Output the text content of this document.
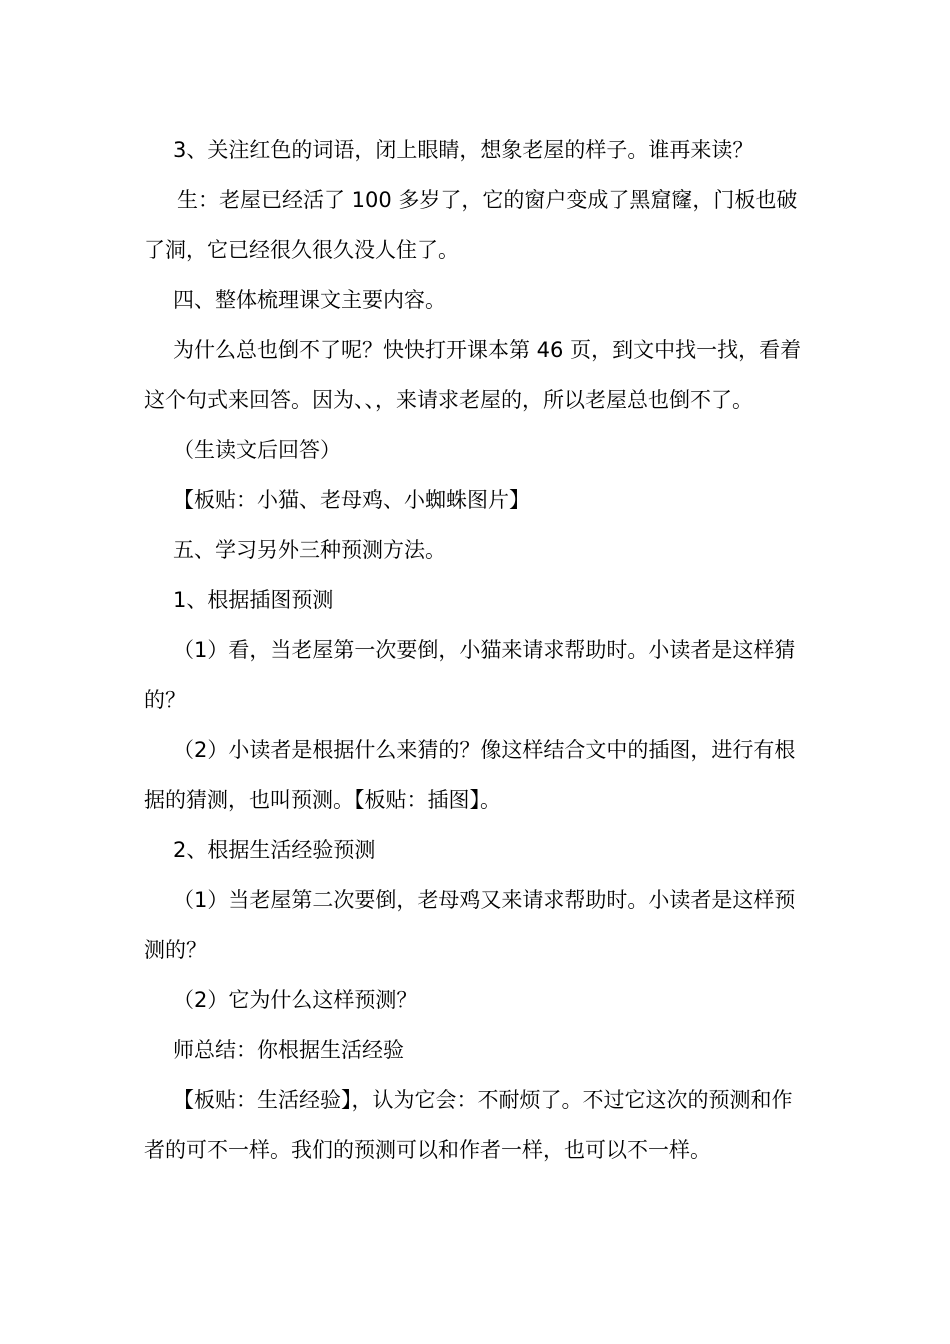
3、关注红色的词语，闭上眼睛，想象老屋的样子。谁再来读？

生：老屋已经活了 100 多岁了，它的窗户变成了黑窟窿，门板也破了洞，它已经很久很久没人住了。

四、整体梳理课文主要内容。

为什么总也倒不了呢？快快打开课本第 46 页，到文中找一找，看着这个句式来回答。因为、、，来请求老屋的，所以老屋总也倒不了。

（生读文后回答）

【板贴：小猫、老母鸡、小蜘蛛图片】

五、学习另外三种预测方法。

1、根据插图预测

（1）看，当老屋第一次要倒，小猫来请求帮助时。小读者是这样猜的？

（2）小读者是根据什么来猜的？像这样结合文中的插图，进行有根据的猜测，也叫预测。【板贴：插图】。

2、根据生活经验预测

（1）当老屋第二次要倒，老母鸡又来请求帮助时。小读者是这样预测的？

（2）它为什么这样预测？

师总结：你根据生活经验

【板贴：生活经验】，认为它会：不耐烦了。不过它这次的预测和作者的可不一样。我们的预测可以和作者一样，也可以不一样。
